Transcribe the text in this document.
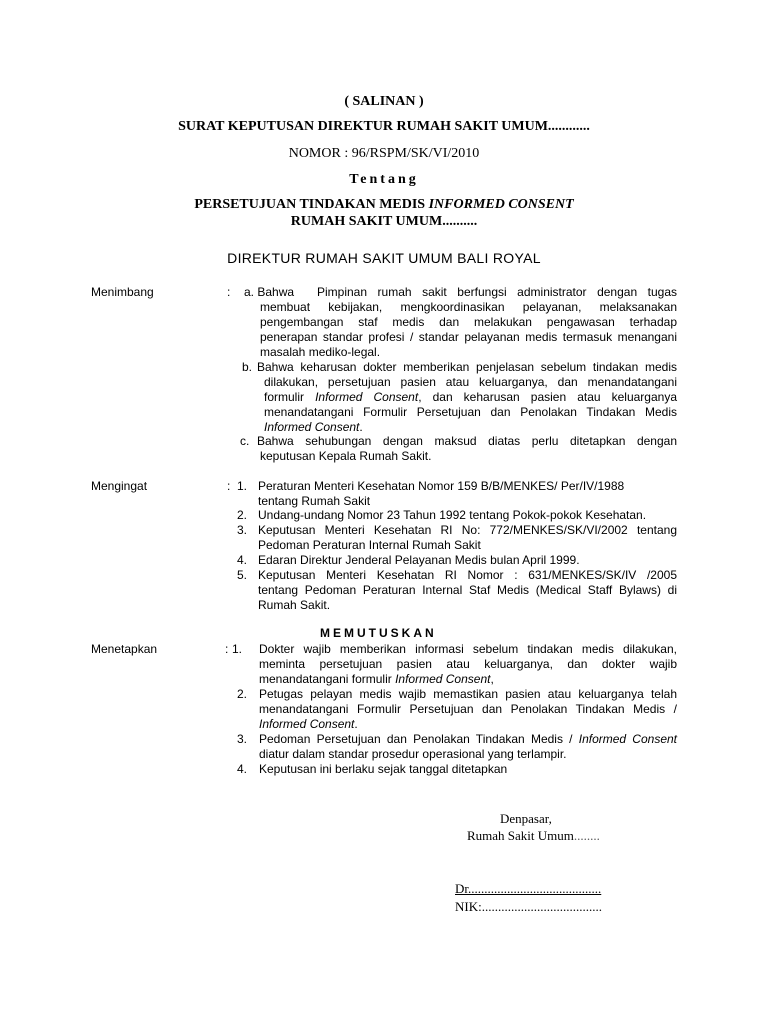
( SALINAN )
SURAT KEPUTUSAN DIREKTUR RUMAH SAKIT UMUM............
NOMOR : 96/RSPM/SK/VI/2010
Tentang
PERSETUJUAN TINDAKAN MEDIS INFORMED CONSENT
RUMAH SAKIT UMUM..........
DIREKTUR RUMAH SAKIT UMUM BALI ROYAL
Menimbang	: a. Bahwa Pimpinan rumah sakit berfungsi administrator dengan tugas
membuat kebijakan, mengkoordinasikan pelayanan, melaksanakan
pengembangan staf medis dan melakukan pengawasan terhadap
penerapan standar profesi / standar pelayanan medis termasuk menangani
masalah mediko-legal.
b. Bahwa keharusan dokter memberikan penjelasan sebelum tindakan medis
dilakukan, persetujuan pasien atau keluarganya, dan menandatangani
formulir Informed Consent, dan keharusan pasien atau keluarganya
menandatangani Formulir Persetujuan dan Penolakan Tindakan Medis
Informed Consent.
c. Bahwa sehubungan dengan maksud diatas perlu ditetapkan dengan
keputusan Kepala Rumah Sakit.
Mengingat	: 1. Peraturan Menteri Kesehatan Nomor 159 B/B/MENKES/ Per/IV/1988
tentang Rumah Sakit
2. Undang-undang Nomor 23 Tahun 1992 tentang Pokok-pokok Kesehatan.
3. Keputusan Menteri Kesehatan RI No: 772/MENKES/SK/VI/2002 tentang
Pedoman Peraturan Internal Rumah Sakit
4. Edaran Direktur Jenderal Pelayanan Medis bulan April 1999.
5. Keputusan Menteri Kesehatan RI Nomor : 631/MENKES/SK/IV /2005
tentang Pedoman Peraturan Internal Staf Medis (Medical Staff Bylaws) di
Rumah Sakit.
MEMUTUSKAN
Menetapkan	: 1. Dokter wajib memberikan informasi sebelum tindakan medis dilakukan,
meminta persetujuan pasien atau keluarganya, dan dokter wajib
menandatangani formulir Informed Consent,
2. Petugas pelayan medis wajib memastikan pasien atau keluarganya telah
menandatangani Formulir Persetujuan dan Penolakan Tindakan Medis /
Informed Consent.
3. Pedoman Persetujuan dan Penolakan Tindakan Medis / Informed Consent
diatur dalam standar prosedur operasional yang terlampir.
4. Keputusan ini berlaku sejak tanggal ditetapkan
Denpasar,
Rumah Sakit Umum........
Dr.........................................
NIK:.....................................
